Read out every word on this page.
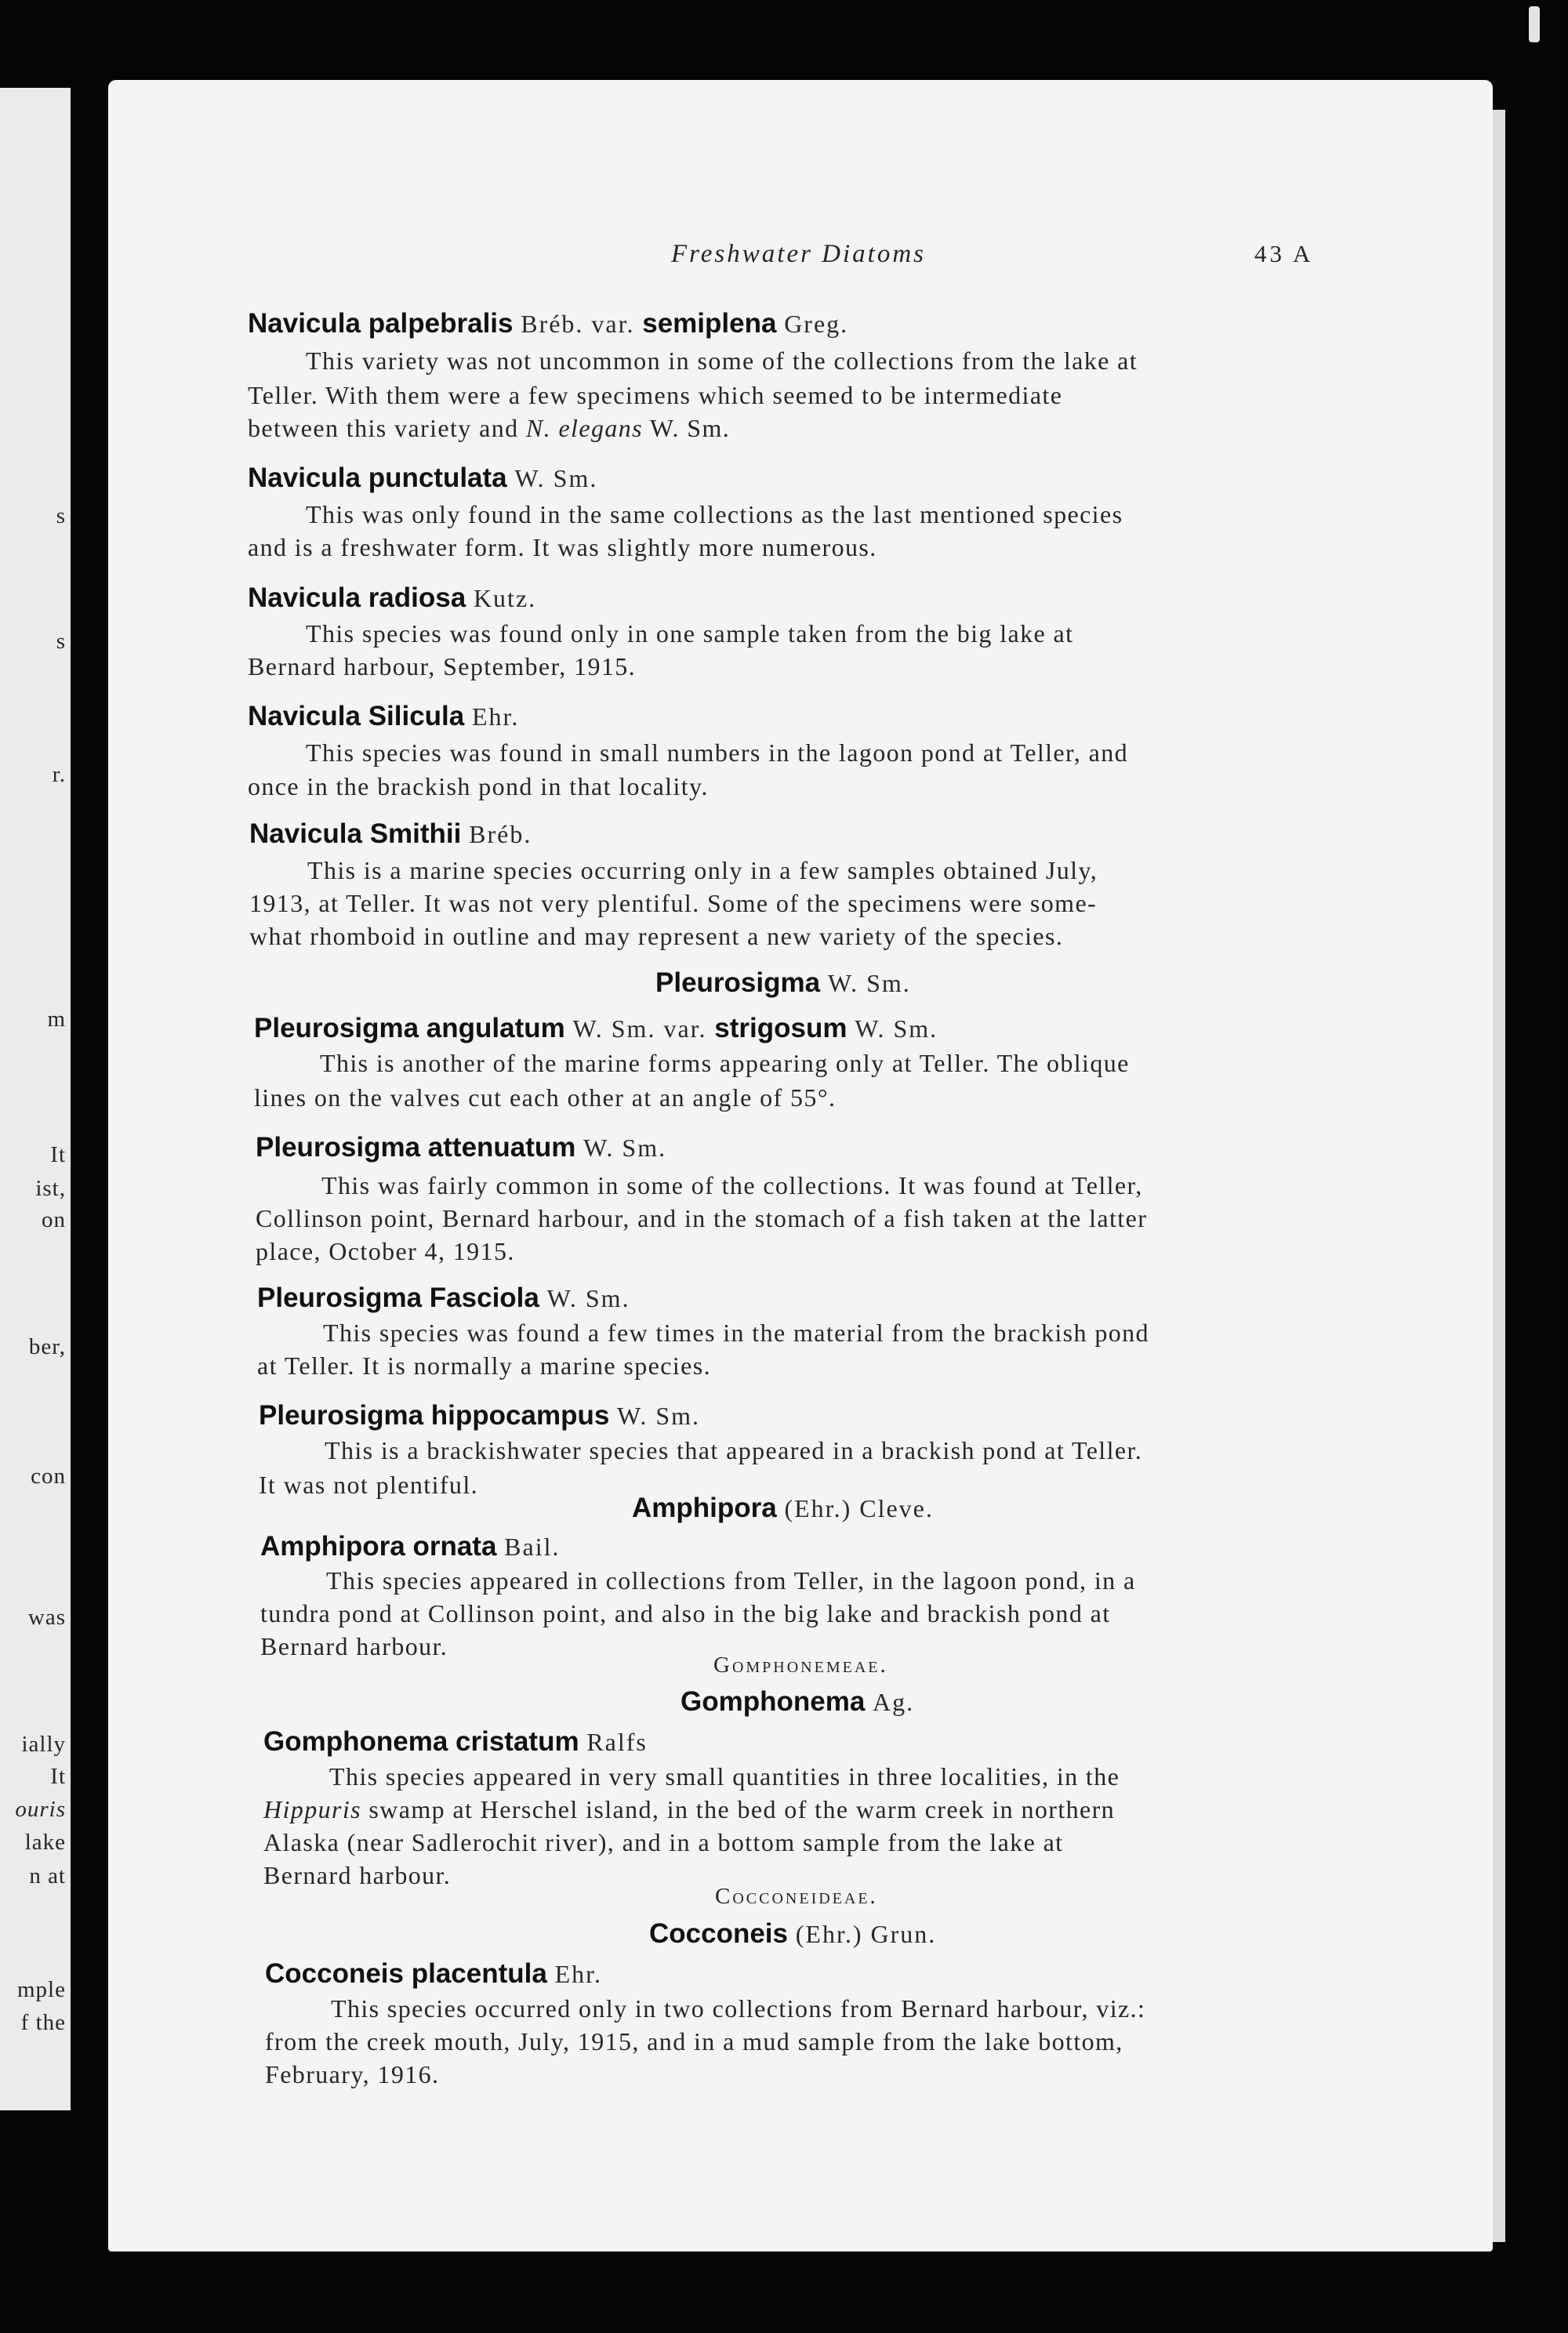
s
s
r.
m
It
ist,
on
ber,
con
was
ially
It
ouris
lake
n at
mple
f the
Freshwater Diatoms	43 A
Navicula palpebralis Bréb. var. semiplena Greg.
This variety was not uncommon in some of the collections from the lake at
Teller. With them were a few specimens which seemed to be intermediate
between this variety and N. elegans W. Sm.
Navicula punctulata W. Sm.
This was only found in the same collections as the last mentioned species
and is a freshwater form. It was slightly more numerous.
Navicula radiosa Kutz.
This species was found only in one sample taken from the big lake at
Bernard harbour, September, 1915.
Navicula Silicula Ehr.
This species was found in small numbers in the lagoon pond at Teller, and
once in the brackish pond in that locality.
Navicula Smithii Bréb.
This is a marine species occurring only in a few samples obtained July,
1913, at Teller. It was not very plentiful. Some of the specimens were some-
what rhomboid in outline and may represent a new variety of the species.
Pleurosigma W. Sm.
Pleurosigma angulatum W. Sm. var. strigosum W. Sm.
This is another of the marine forms appearing only at Teller. The oblique
lines on the valves cut each other at an angle of 55°.
Pleurosigma attenuatum W. Sm.
This was fairly common in some of the collections. It was found at Teller,
Collinson point, Bernard harbour, and in the stomach of a fish taken at the latter
place, October 4, 1915.
Pleurosigma Fasciola W. Sm.
This species was found a few times in the material from the brackish pond
at Teller. It is normally a marine species.
Pleurosigma hippocampus W. Sm.
This is a brackishwater species that appeared in a brackish pond at Teller.
It was not plentiful.
Amphipora (Ehr.) Cleve.
Amphipora ornata Bail.
This species appeared in collections from Teller, in the lagoon pond, in a
tundra pond at Collinson point, and also in the big lake and brackish pond at
Bernard harbour.
Gomphonemeae.
Gomphonema Ag.
Gomphonema cristatum Ralfs
This species appeared in very small quantities in three localities, in the
Hippuris swamp at Herschel island, in the bed of the warm creek in northern
Alaska (near Sadlerochit river), and in a bottom sample from the lake at
Bernard harbour.
Cocconeideae.
Cocconeis (Ehr.) Grun.
Cocconeis placentula Ehr.
This species occurred only in two collections from Bernard harbour, viz.:
from the creek mouth, July, 1915, and in a mud sample from the lake bottom,
February, 1916.
